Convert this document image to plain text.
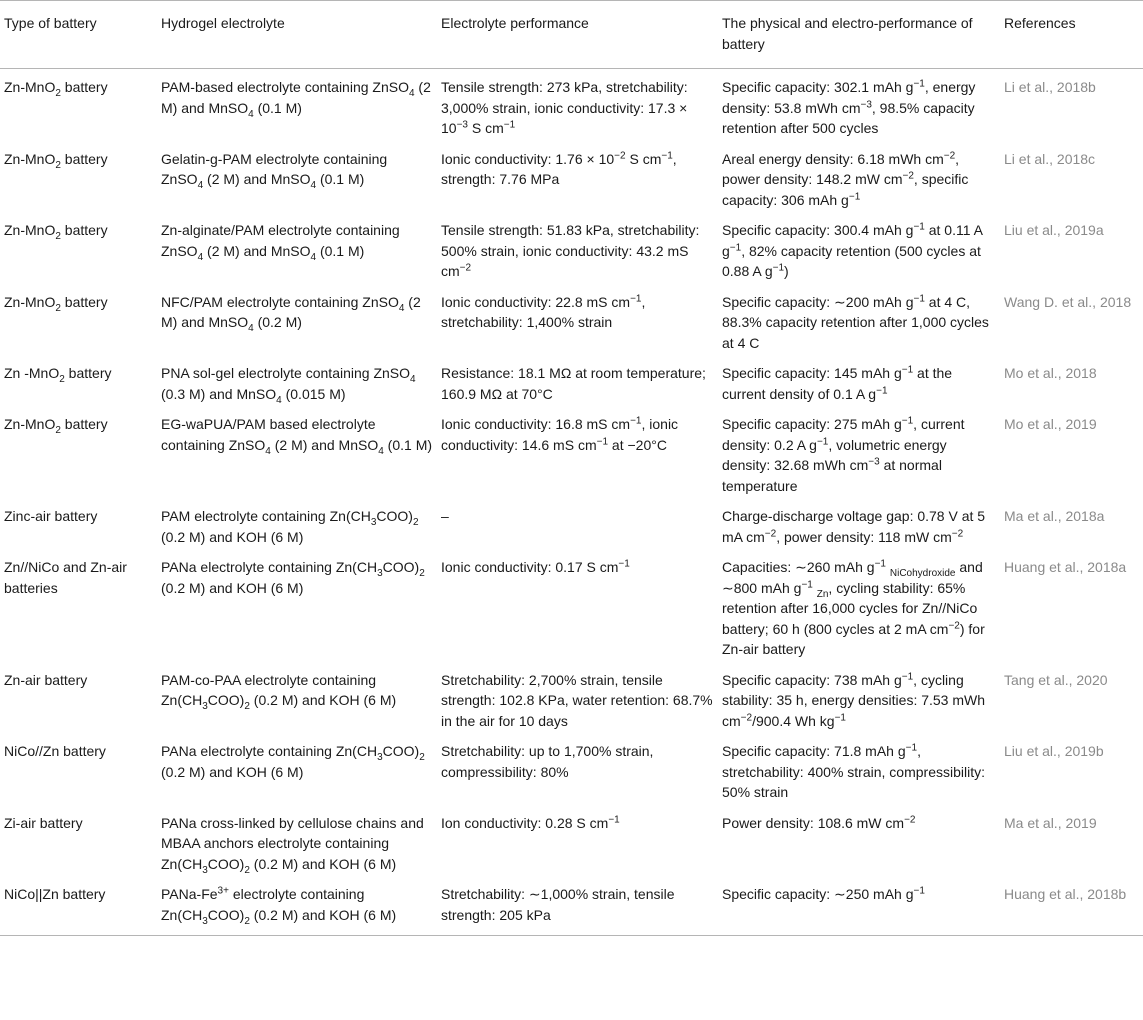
Type of battery	Hydrogel electrolyte	Electrolyte performance	The physical and electro-performance of battery	References
Zn-MnO$_2$ battery	PAM-based electrolyte containing ZnSO$_4$ (2 M) and MnSO$_4$ (0.1 M)	Tensile strength: 273 kPa, stretchability: 3,000% strain, ionic conductivity: $17.3 \times 10^{-3}$ S $cm^{-1}$	Specific capacity: 302.1 mAh $g^{-1}$, energy density: 53.8 mWh $cm^{-3}$, 98.5% capacity retention after 500 cycles	Li et al., 2018b
Zn-MnO$_2$ battery	Gelatin-g-PAM electrolyte containing ZnSO$_4$ (2 M) and MnSO$_4$ (0.1 M)	Ionic conductivity: $1.76 \times 10^{-2}$ S $cm^{-1}$, strength: 7.76 MPa	Areal energy density: 6.18 mWh $cm^{-2}$, power density: 148.2 mW $cm^{-2}$, specific capacity: 306 mAh $g^{-1}$	Li et al., 2018c
Zn-MnO$_2$ battery	Zn-alginate/PAM electrolyte containing ZnSO$_4$ (2 M) and MnSO$_4$ (0.1 M)	Tensile strength: 51.83 kPa, stretchability: 500% strain, ionic conductivity: 43.2 mS $cm^{-2}$	Specific capacity: 300.4 mAh $g^{-1}$ at 0.11 A $g^{-1}$, 82% capacity retention (500 cycles at 0.88 A $g^{-1}$)	Liu et al., 2019a
Zn-MnO$_2$ battery	NFC/PAM electrolyte containing ZnSO$_4$ (2 M) and MnSO$_4$ (0.2 M)	Ionic conductivity: 22.8 mS $cm^{-1}$, stretchability: 1,400% strain	Specific capacity: ∼200 mAh $g^{-1}$ at 4 C, 88.3% capacity retention after 1,000 cycles at 4 C	Wang D. et al., 2018
Zn -MnO$_2$ battery	PNA sol-gel electrolyte containing ZnSO$_4$ (0.3 M) and MnSO$_4$ (0.015 M)	Resistance: 18.1 MΩ at room temperature; 160.9 MΩ at 70°C	Specific capacity: 145 mAh $g^{-1}$ at the current density of 0.1 A $g^{-1}$	Mo et al., 2018
Zn-MnO$_2$ battery	EG-waPUA/PAM based electrolyte containing ZnSO$_4$ (2 M) and MnSO$_4$ (0.1 M)	Ionic conductivity: 16.8 mS $cm^{-1}$, ionic conductivity: 14.6 mS $cm^{-1}$ at −20°C	Specific capacity: 275 mAh $g^{-1}$, current density: 0.2 A $g^{-1}$, volumetric energy density: 32.68 mWh $cm^{-3}$ at normal temperature	Mo et al., 2019
Zinc-air battery	PAM electrolyte containing $Zn(CH_3COO)_2$ (0.2 M) and KOH (6 M)	–	Charge-discharge voltage gap: 0.78 V at 5 mA $cm^{-2}$, power density: 118 mW $cm^{-2}$	Ma et al., 2018a
Zn//NiCo and Zn-air batteries	PANa electrolyte containing $Zn(CH_3COO)_2$ (0.2 M) and KOH (6 M)	Ionic conductivity: 0.17 S $cm^{-1}$	Capacities: ∼260 mAh $g^{-1}$ $_{NiCohydroxide}$ and ∼800 mAh $g^{-1}$ $_{Zn}$, cycling stability: 65% retention after 16,000 cycles for Zn//NiCo battery; 60 h (800 cycles at 2 mA $cm^{-2}$) for Zn-air battery	Huang et al., 2018a
Zn-air battery	PAM-co-PAA electrolyte containing $Zn(CH_3COO)_2$ (0.2 M) and KOH (6 M)	Stretchability: 2,700% strain, tensile strength: 102.8 KPa, water retention: 68.7% in the air for 10 days	Specific capacity: 738 mAh $g^{-1}$, cycling stability: 35 h, energy densities: 7.53 mWh $cm^{-2}/900.4$ Wh $kg^{-1}$	Tang et al., 2020
NiCo//Zn battery	PANa electrolyte containing $Zn(CH_3COO)_2$ (0.2 M) and KOH (6 M)	Stretchability: up to 1,700% strain, compressibility: 80%	Specific capacity: 71.8 mAh $g^{-1}$, stretchability: 400% strain, compressibility: 50% strain	Liu et al., 2019b
Zi-air battery	PANa cross-linked by cellulose chains and MBAA anchors electrolyte containing $Zn(CH_3COO)_2$ (0.2 M) and KOH (6 M)	Ion conductivity: 0.28 S $cm^{-1}$	Power density: 108.6 mW $cm^{-2}$	Ma et al., 2019
NiCo||Zn battery	PANa-$Fe^{3+}$ electrolyte containing $Zn(CH_3COO)_2$ (0.2 M) and KOH (6 M)	Stretchability: ∼1,000% strain, tensile strength: 205 kPa	Specific capacity: ∼250 mAh $g^{-1}$	Huang et al., 2018b
